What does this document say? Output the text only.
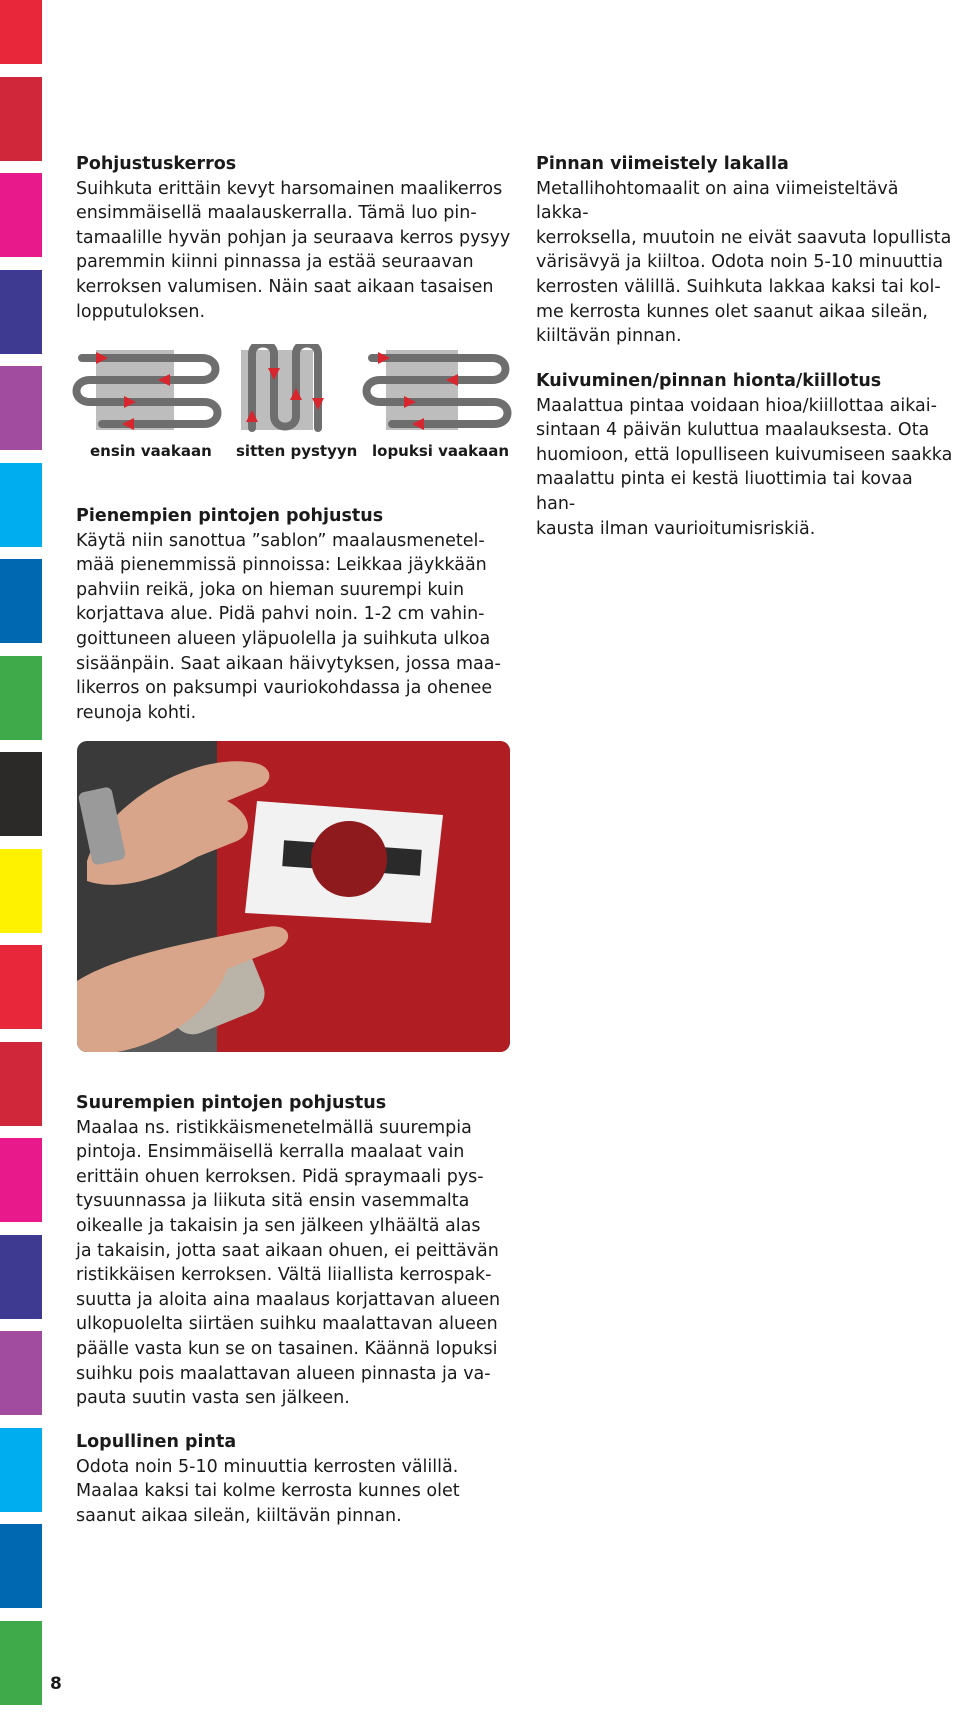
Pohjustuskerros

Suihkuta erittäin kevyt harsomainen maalikerros
ensimmäisellä maalauskerralla. Tämä luo pin-
tamaalille hyvän pohjan ja seuraava kerros pysyy
paremmin kiinni pinnassa ja estää seuraavan
kerroksen valumisen. Näin saat aikaan tasaisen
lopputuloksen.

ensin vaakaan sitten pystyyn lopuksi vaakaan
Pienempien pintojen pohjustus

Käytä niin sanottua ”sablon” maalausmenetel-
mää pienemmissä pinnoissa: Leikkaa jäykkään
pahviin reikä, joka on hieman suurempi kuin
korjattava alue. Pidä pahvi noin. 1-2 cm vahin-
goittuneen alueen yläpuolella ja suihkuta ulkoa
sisäänpäin. Saat aikaan häivytyksen, jossa maa-
likerros on paksumpi vauriokohdassa ja ohenee
reunoja kohti.

Suurempien pintojen pohjustus

Maalaa ns. ristikkäismenetelmällä suurempia
pintoja. Ensimmäisellä kerralla maalaat vain
erittäin ohuen kerroksen. Pidä spraymaali pys-
tysuunnassa ja liikuta sitä ensin vasemmalta
oikealle ja takaisin ja sen jälkeen ylhäältä alas
ja takaisin, jotta saat aikaan ohuen, ei peittävän
ristikkäisen kerroksen. Vältä liiallista kerrospak-
suutta ja aloita aina maalaus korjattavan alueen
ulkopuolelta siirtäen suihku maalattavan alueen
päälle vasta kun se on tasainen. Käännä lopuksi
suihku pois maalattavan alueen pinnasta ja va-
pauta suutin vasta sen jälkeen.

Lopullinen pinta

Odota noin 5-10 minuuttia kerrosten välillä.
Maalaa kaksi tai kolme kerrosta kunnes olet
saanut aikaa sileän, kiiltävän pinnan.

Pinnan viimeistely lakalla

Metallihohtomaalit on aina viimeisteltävä lakka-
kerroksella, muutoin ne eivät saavuta lopullista
värisävyä ja kiiltoa. Odota noin 5-10 minuuttia
kerrosten välillä. Suihkuta lakkaa kaksi tai kol-
me kerrosta kunnes olet saanut aikaa sileän,
kiiltävän pinnan.

Kuivuminen/pinnan hionta/kiillotus

Maalattua pintaa voidaan hioa/kiillottaa aikai-
sintaan 4 päivän kuluttua maalauksesta. Ota
huomioon, että lopulliseen kuivumiseen saakka
maalattu pinta ei kestä liuottimia tai kovaa han-
kausta ilman vaurioitumisriskiä.

8
